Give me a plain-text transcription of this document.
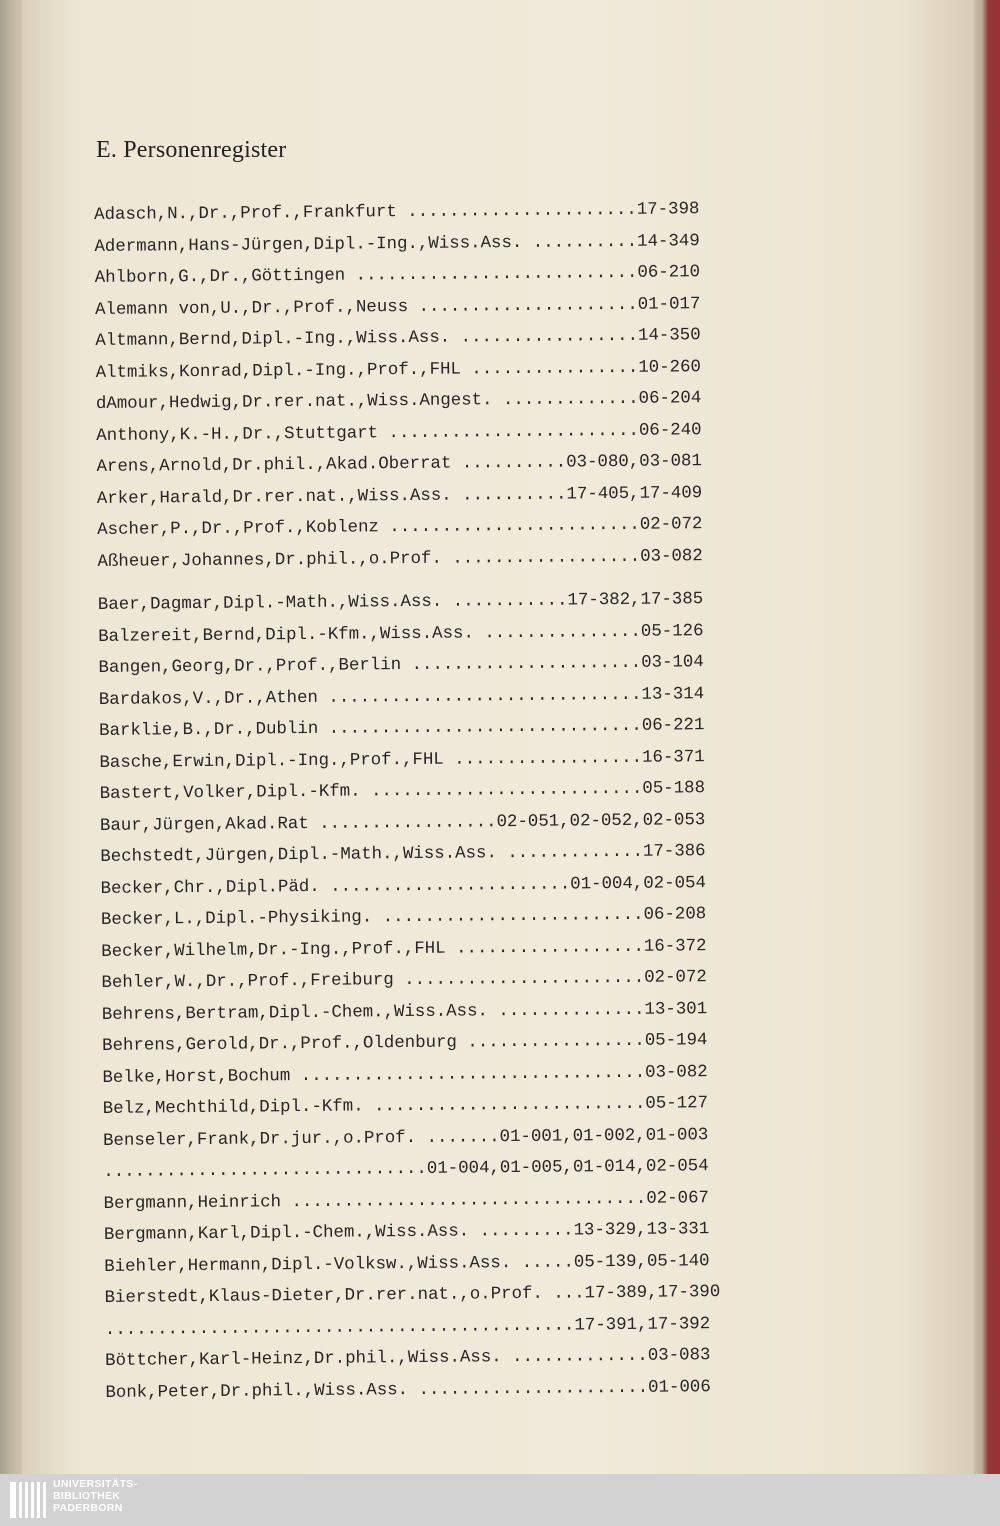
E. Personenregister
Adasch,N.,Dr.,Prof.,Frankfurt ......................17-398
Adermann,Hans-Jürgen,Dipl.-Ing.,Wiss.Ass. ..........14-349
Ahlborn,G.,Dr.,Göttingen ...........................06-210
Alemann von,U.,Dr.,Prof.,Neuss .....................01-017
Altmann,Bernd,Dipl.-Ing.,Wiss.Ass. .................14-350
Altmiks,Konrad,Dipl.-Ing.,Prof.,FHL ................10-260
dAmour,Hedwig,Dr.rer.nat.,Wiss.Angest. .............06-204
Anthony,K.-H.,Dr.,Stuttgart ........................06-240
Arens,Arnold,Dr.phil.,Akad.Oberrat ..........03-080,03-081
Arker,Harald,Dr.rer.nat.,Wiss.Ass. ..........17-405,17-409
Ascher,P.,Dr.,Prof.,Koblenz ........................02-072
Aßheuer,Johannes,Dr.phil.,o.Prof. ..................03-082
Baer,Dagmar,Dipl.-Math.,Wiss.Ass. ...........17-382,17-385
Balzereit,Bernd,Dipl.-Kfm.,Wiss.Ass. ...............05-126
Bangen,Georg,Dr.,Prof.,Berlin ......................03-104
Bardakos,V.,Dr.,Athen ..............................13-314
Barklie,B.,Dr.,Dublin ..............................06-221
Basche,Erwin,Dipl.-Ing.,Prof.,FHL ..................16-371
Bastert,Volker,Dipl.-Kfm. ..........................05-188
Baur,Jürgen,Akad.Rat .................02-051,02-052,02-053
Bechstedt,Jürgen,Dipl.-Math.,Wiss.Ass. .............17-386
Becker,Chr.,Dipl.Päd. .......................01-004,02-054
Becker,L.,Dipl.-Physiking. .........................06-208
Becker,Wilhelm,Dr.-Ing.,Prof.,FHL ..................16-372
Behler,W.,Dr.,Prof.,Freiburg .......................02-072
Behrens,Bertram,Dipl.-Chem.,Wiss.Ass. ..............13-301
Behrens,Gerold,Dr.,Prof.,Oldenburg .................05-194
Belke,Horst,Bochum .................................03-082
Belz,Mechthild,Dipl.-Kfm. ..........................05-127
Benseler,Frank,Dr.jur.,o.Prof. .......01-001,01-002,01-003
...............................01-004,01-005,01-014,02-054
Bergmann,Heinrich ..................................02-067
Bergmann,Karl,Dipl.-Chem.,Wiss.Ass. .........13-329,13-331
Biehler,Hermann,Dipl.-Volksw.,Wiss.Ass. .....05-139,05-140
Bierstedt,Klaus-Dieter,Dr.rer.nat.,o.Prof. ...17-389,17-390
.............................................17-391,17-392
Böttcher,Karl-Heinz,Dr.phil.,Wiss.Ass. .............03-083
Bonk,Peter,Dr.phil.,Wiss.Ass. ......................01-006
UNIVERSITÄTS-
BIBLIOTHEK
PADERBORN
